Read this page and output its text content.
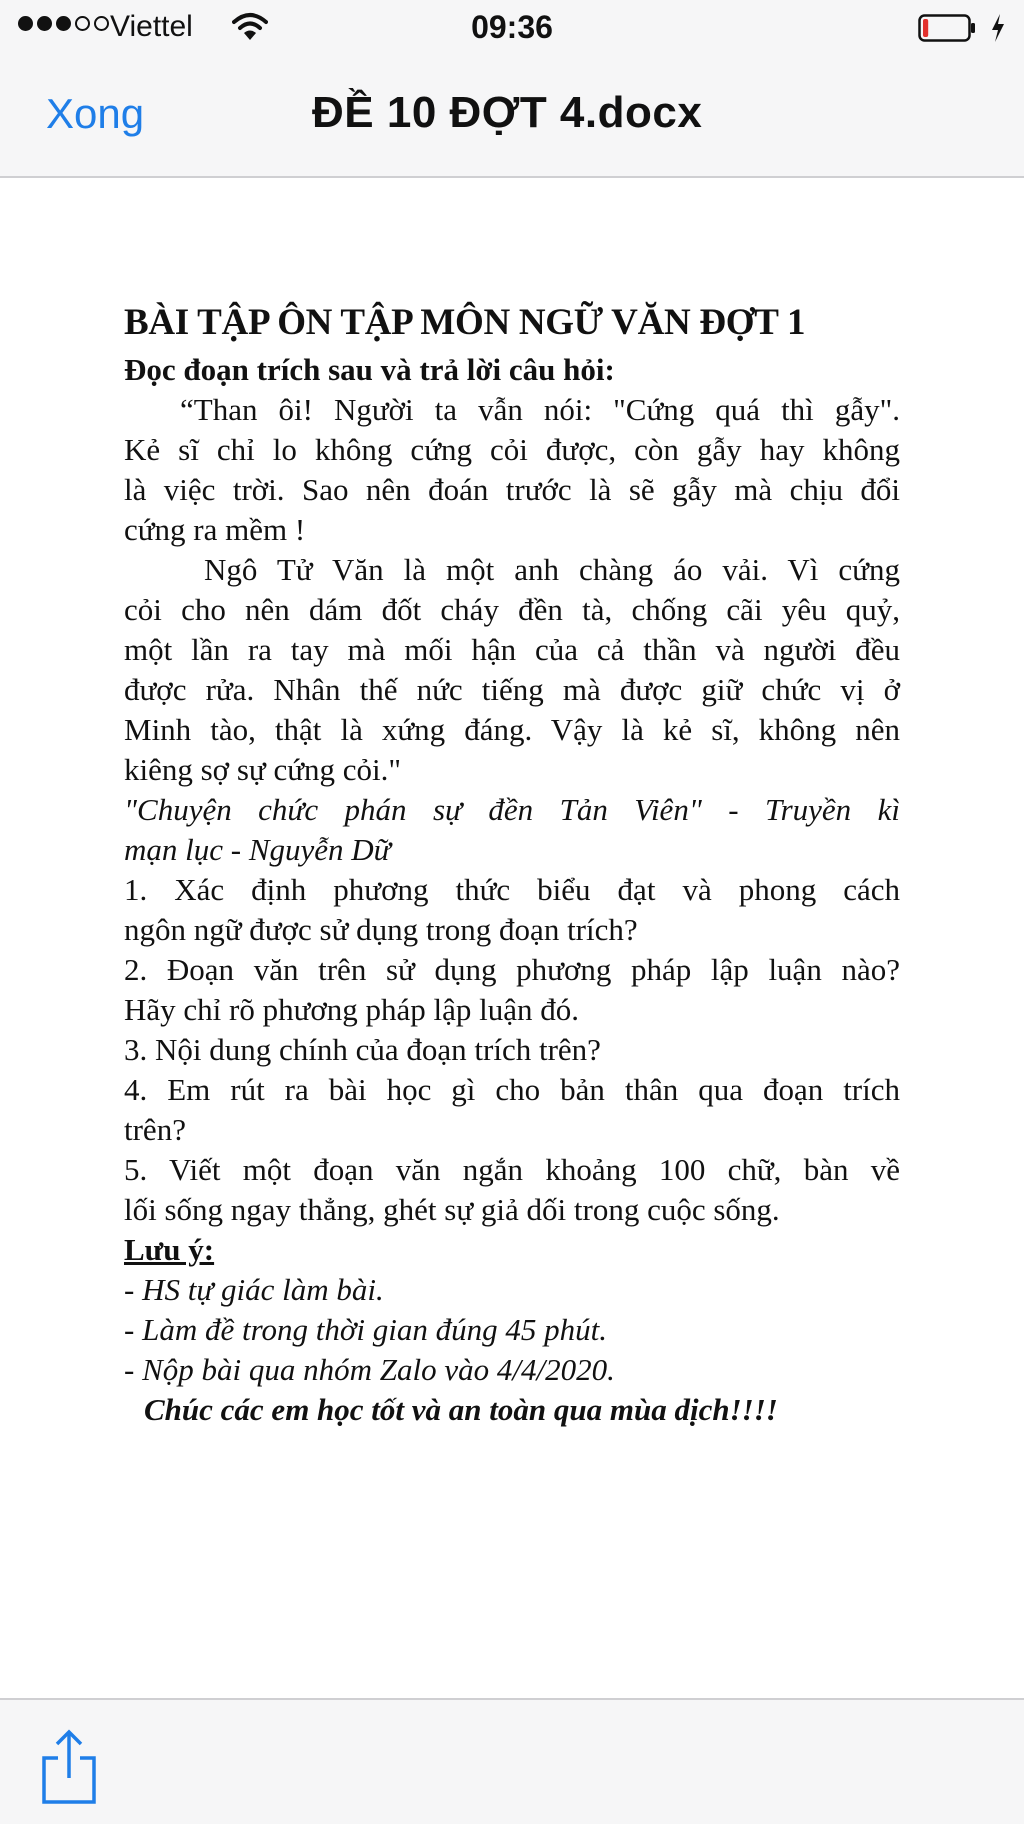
Viettel	09:36
Xong	ĐỀ 10 ĐỢT 4.docx
BÀI TẬP ÔN TẬP MÔN NGỮ VĂN ĐỢT 1
Đọc đoạn trích sau và trả lời câu hỏi:
“Than ôi! Người ta vẫn nói: "Cứng quá thì gẫy".
Kẻ sĩ chỉ lo không cứng cỏi được, còn gẫy hay không
là việc trời. Sao nên đoán trước là sẽ gẫy mà chịu đổi
cứng ra mềm !
Ngô Tử Văn là một anh chàng áo vải. Vì cứng
cỏi cho nên dám đốt cháy đền tà, chống cãi yêu quỷ,
một lần ra tay mà mối hận của cả thần và người đều
được rửa. Nhân thế nức tiếng mà được giữ chức vị ở
Minh tào, thật là xứng đáng. Vậy là kẻ sĩ, không nên
kiêng sợ sự cứng cỏi."
"Chuyện chức phán sự đền Tản Viên" - Truyền kì
mạn lục - Nguyễn Dữ
1. Xác định phương thức biểu đạt và phong cách
ngôn ngữ được sử dụng trong đoạn trích?
2. Đoạn văn trên sử dụng phương pháp lập luận nào?
Hãy chỉ rõ phương pháp lập luận đó.
3. Nội dung chính của đoạn trích trên?
4. Em rút ra bài học gì cho bản thân qua đoạn trích
trên?
5. Viết một đoạn văn ngắn khoảng 100 chữ, bàn về
lối sống ngay thẳng, ghét sự giả dối trong cuộc sống.
Lưu ý:
- HS tự giác làm bài.
- Làm đề trong thời gian đúng 45 phút.
- Nộp bài qua nhóm Zalo vào 4/4/2020.
Chúc các em học tốt và an toàn qua mùa dịch!!!!
